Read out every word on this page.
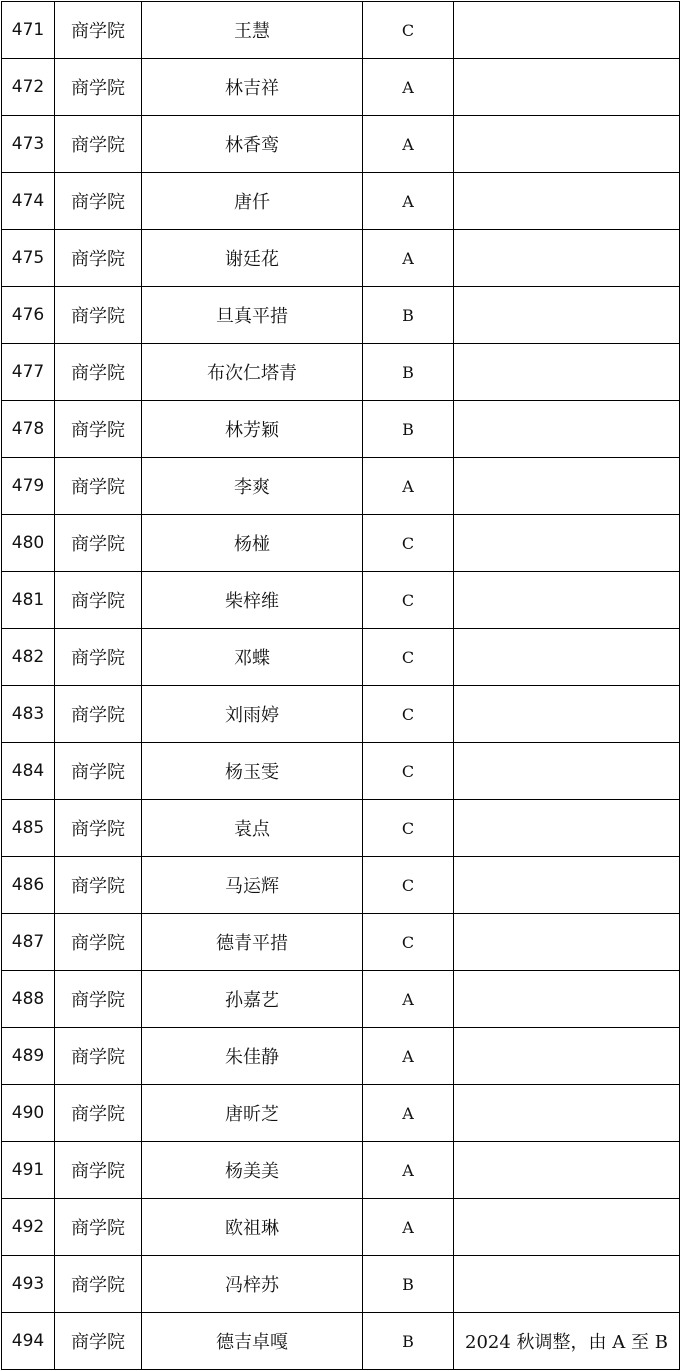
471	商学院	王慧	C	
472	商学院	林吉祥	A	
473	商学院	林香鸾	A	
474	商学院	唐仟	A	
475	商学院	谢廷花	A	
476	商学院	旦真平措	B	
477	商学院	布次仁塔青	B	
478	商学院	林芳颖	B	
479	商学院	李爽	A	
480	商学院	杨椪	C	
481	商学院	柴梓维	C	
482	商学院	邓蝶	C	
483	商学院	刘雨婷	C	
484	商学院	杨玉雯	C	
485	商学院	袁点	C	
486	商学院	马运辉	C	
487	商学院	德青平措	C	
488	商学院	孙嘉艺	A	
489	商学院	朱佳静	A	
490	商学院	唐昕芝	A	
491	商学院	杨美美	A	
492	商学院	欧祖琳	A	
493	商学院	冯梓苏	B	
494	商学院	德吉卓嘎	B	2024 秋调整，由 A 至 B
